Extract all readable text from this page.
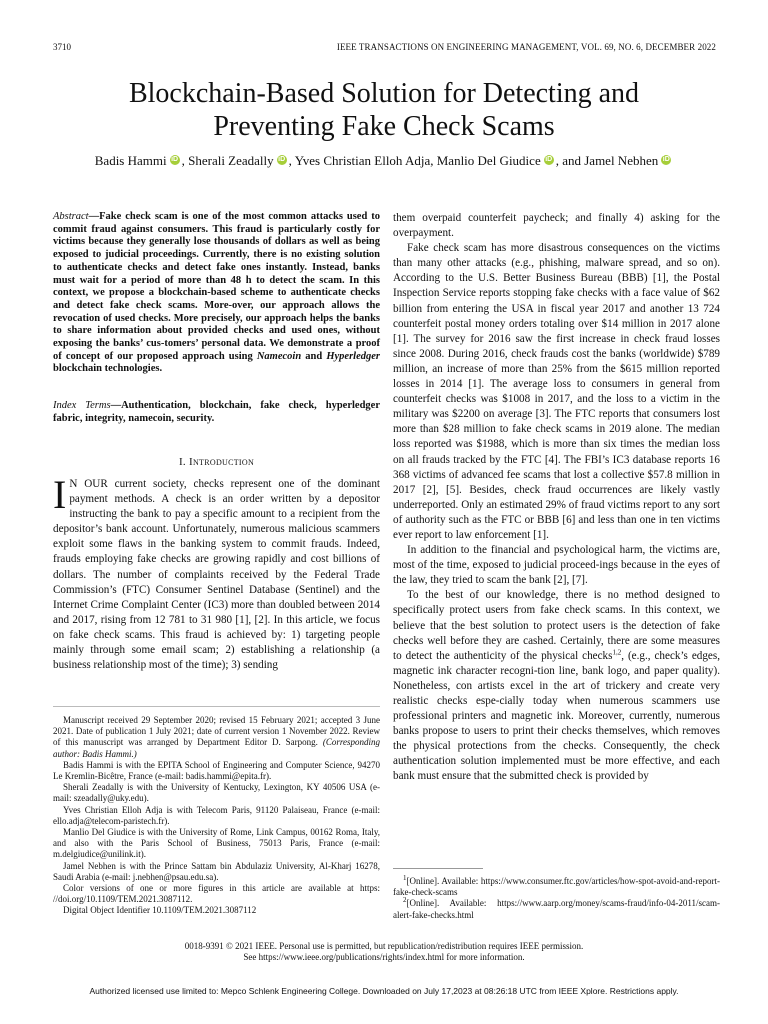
3710	IEEE TRANSACTIONS ON ENGINEERING MANAGEMENT, VOL. 69, NO. 6, DECEMBER 2022
Blockchain-Based Solution for Detecting and
Preventing Fake Check Scams
Badis Hammi iD , Sherali Zeadally iD , Yves Christian Elloh Adja, Manlio Del Giudice iD , and Jamel Nebhen iD
Abstract—Fake check scam is one of the most common attacks used to commit fraud against consumers. This fraud is particularly costly for victims because they generally lose thousands of dollars as well as being exposed to judicial proceedings. Currently, there is no existing solution to authenticate checks and detect fake ones instantly. Instead, banks must wait for a period of more than 48 h to detect the scam. In this context, we propose a blockchain-based scheme to authenticate checks and detect fake check scams. More-over, our approach allows the revocation of used checks. More precisely, our approach helps the banks to share information about provided checks and used ones, without exposing the banks’ cus-tomers’ personal data. We demonstrate a proof of concept of our proposed approach using Namecoin and Hyperledger blockchain technologies.
Index Terms—Authentication, blockchain, fake check, hyperledger fabric, integrity, namecoin, security.
I. Introduction
I N OUR current society, checks represent one of the dominant payment methods. A check is an order written by a depositor instructing the bank to pay a specific amount to a recipient from the depositor’s bank account. Unfortunately, numerous malicious scammers exploit some flaws in the banking system to commit frauds. Indeed, frauds employing fake checks are growing rapidly and cost billions of dollars. The number of complaints received by the Federal Trade Commission’s (FTC) Consumer Sentinel Database (Sentinel) and the Internet Crime Complaint Center (IC3) more than doubled between 2014 and 2017, rising from 12 781 to 31 980 [1], [2]. In this article, we focus on fake check scams. This fraud is achieved by: 1) targeting people mainly through some email scam; 2) establishing a relationship (a business relationship most of the time); 3) sending

Manuscript received 29 September 2020; revised 15 February 2021; accepted 3 June 2021. Date of publication 1 July 2021; date of current version 1 November 2022. Review of this manuscript was arranged by Department Editor D. Sarpong. (Corresponding author: Badis Hammi.)

Badis Hammi is with the EPITA School of Engineering and Computer Science, 94270 Le Kremlin-Bicêtre, France (e-mail: badis.hammi@epita.fr).

Sherali Zeadally is with the University of Kentucky, Lexington, KY 40506 USA (e-mail: szeadally@uky.edu).

Yves Christian Elloh Adja is with Telecom Paris, 91120 Palaiseau, France (e-mail: ello.adja@telecom-paristech.fr).

Manlio Del Giudice is with the University of Rome, Link Campus, 00162 Roma, Italy, and also with the Paris School of Business, 75013 Paris, France (e-mail: m.delgiudice@unilink.it).

Jamel Nebhen is with the Prince Sattam bin Abdulaziz University, Al-Kharj 16278, Saudi Arabia (e-mail: j.nebhen@psau.edu.sa).

Color versions of one or more figures in this article are available at https: //doi.org/10.1109/TEM.2021.3087112.

Digital Object Identifier 10.1109/TEM.2021.3087112

them overpaid counterfeit paycheck; and finally 4) asking for the overpayment.

Fake check scam has more disastrous consequences on the victims than many other attacks (e.g., phishing, malware spread, and so on). According to the U.S. Better Business Bureau (BBB) [1], the Postal Inspection Service reports stopping fake checks with a face value of $62 billion from entering the USA in fiscal year 2017 and another 13 724 counterfeit postal money orders totaling over $14 million in 2017 alone [1]. The survey for 2016 saw the first increase in check fraud losses since 2008. During 2016, check frauds cost the banks (worldwide) $789 million, an increase of more than 25% from the $615 million reported losses in 2014 [1]. The average loss to consumers in general from counterfeit checks was $1008 in 2017, and the loss to a victim in the military was $2200 on average [3]. The FTC reports that consumers lost more than $28 million to fake check scams in 2019 alone. The median loss reported was $1988, which is more than six times the median loss on all frauds tracked by the FTC [4]. The FBI’s IC3 database reports 16 368 victims of advanced fee scams that lost a collective $57.8 million in 2017 [2], [5]. Besides, check fraud occurrences are likely vastly underreported. Only an estimated 29% of fraud victims report to any sort of authority such as the FTC or BBB [6] and less than one in ten victims ever report to law enforcement [1].

In addition to the financial and psychological harm, the victims are, most of the time, exposed to judicial proceed-ings because in the eyes of the law, they tried to scam the bank [2], [7].

To the best of our knowledge, there is no method designed to specifically protect users from fake check scams. In this context, we believe that the best solution to protect users is the detection of fake checks well before they are cashed. Certainly, there are some measures to detect the authenticity of the physical checks$^{1,2}$, (e.g., check’s edges, magnetic ink character recogni-tion line, bank logo, and paper quality). Nonetheless, con artists excel in the art of trickery and create very realistic checks espe-cially today when numerous scammers use professional printers and magnetic ink. Moreover, currently, numerous banks propose to users to print their checks themselves, which removes the physical protections from the checks. Consequently, the check authentication solution implemented must be more effective, and each bank must ensure that the submitted check is provided by

$^1$[Online]. Available: https://www.consumer.ftc.gov/articles/how-spot-avoid-and-report-fake-check-scams

$^2$[Online]. Available: https://www.aarp.org/money/scams-fraud/info-04-2011/scam-alert-fake-checks.html

0018-9391 © 2021 IEEE. Personal use is permitted, but republication/redistribution requires IEEE permission.
See https://www.ieee.org/publications/rights/index.html for more information.
Authorized licensed use limited to: Mepco Schlenk Engineering College. Downloaded on July 17,2023 at 08:26:18 UTC from IEEE Xplore. Restrictions apply.
